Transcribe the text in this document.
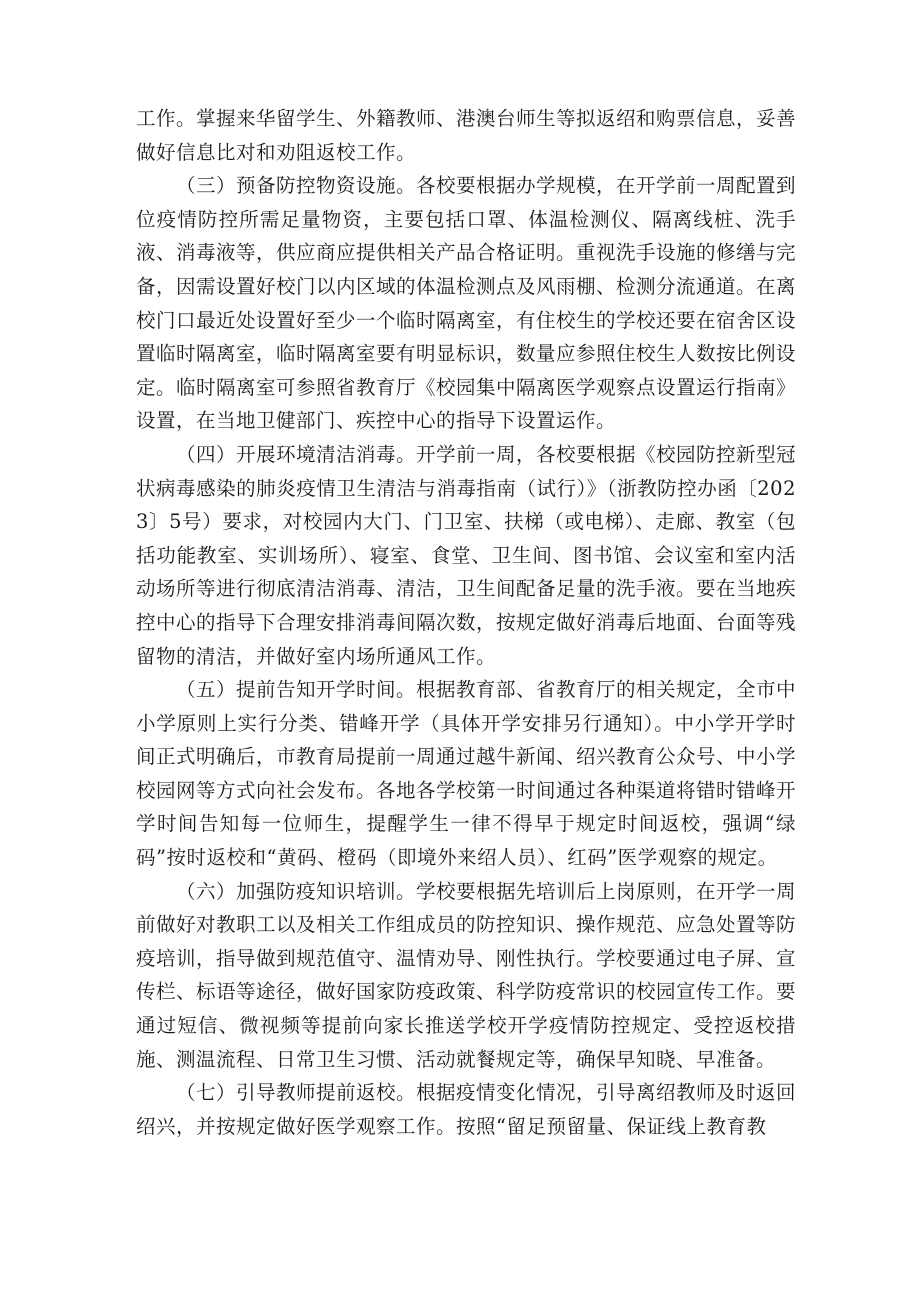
工作。掌握来华留学生、外籍教师、港澳台师生等拟返绍和购票信息，妥善做好信息比对和劝阻返校工作。

（三）预备防控物资设施。各校要根据办学规模，在开学前一周配置到位疫情防控所需足量物资，主要包括口罩、体温检测仪、隔离线桩、洗手液、消毒液等，供应商应提供相关产品合格证明。重视洗手设施的修缮与完备，因需设置好校门以内区域的体温检测点及风雨棚、检测分流通道。在离校门口最近处设置好至少一个临时隔离室，有住校生的学校还要在宿舍区设置临时隔离室，临时隔离室要有明显标识，数量应参照住校生人数按比例设定。临时隔离室可参照省教育厅《校园集中隔离医学观察点设置运行指南》设置，在当地卫健部门、疾控中心的指导下设置运作。

（四）开展环境清洁消毒。开学前一周，各校要根据《校园防控新型冠状病毒感染的肺炎疫情卫生清洁与消毒指南（试行）》（浙教防控办函〔2023〕5号）要求，对校园内大门、门卫室、扶梯（或电梯）、走廊、教室（包括功能教室、实训场所）、寝室、食堂、卫生间、图书馆、会议室和室内活动场所等进行彻底清洁消毒、清洁，卫生间配备足量的洗手液。要在当地疾控中心的指导下合理安排消毒间隔次数，按规定做好消毒后地面、台面等残留物的清洁，并做好室内场所通风工作。

（五）提前告知开学时间。根据教育部、省教育厅的相关规定，全市中小学原则上实行分类、错峰开学（具体开学安排另行通知）。中小学开学时间正式明确后，市教育局提前一周通过越牛新闻、绍兴教育公众号、中小学校园网等方式向社会发布。各地各学校第一时间通过各种渠道将错时错峰开学时间告知每一位师生，提醒学生一律不得早于规定时间返校，强调“绿码”按时返校和“黄码、橙码（即境外来绍人员）、红码”医学观察的规定。

（六）加强防疫知识培训。学校要根据先培训后上岗原则，在开学一周前做好对教职工以及相关工作组成员的防控知识、操作规范、应急处置等防疫培训，指导做到规范值守、温情劝导、刚性执行。学校要通过电子屏、宣传栏、标语等途径，做好国家防疫政策、科学防疫常识的校园宣传工作。要通过短信、微视频等提前向家长推送学校开学疫情防控规定、受控返校措施、测温流程、日常卫生习惯、活动就餐规定等，确保早知晓、早准备。

（七）引导教师提前返校。根据疫情变化情况，引导离绍教师及时返回绍兴，并按规定做好医学观察工作。按照“留足预留量、保证线上教育教
